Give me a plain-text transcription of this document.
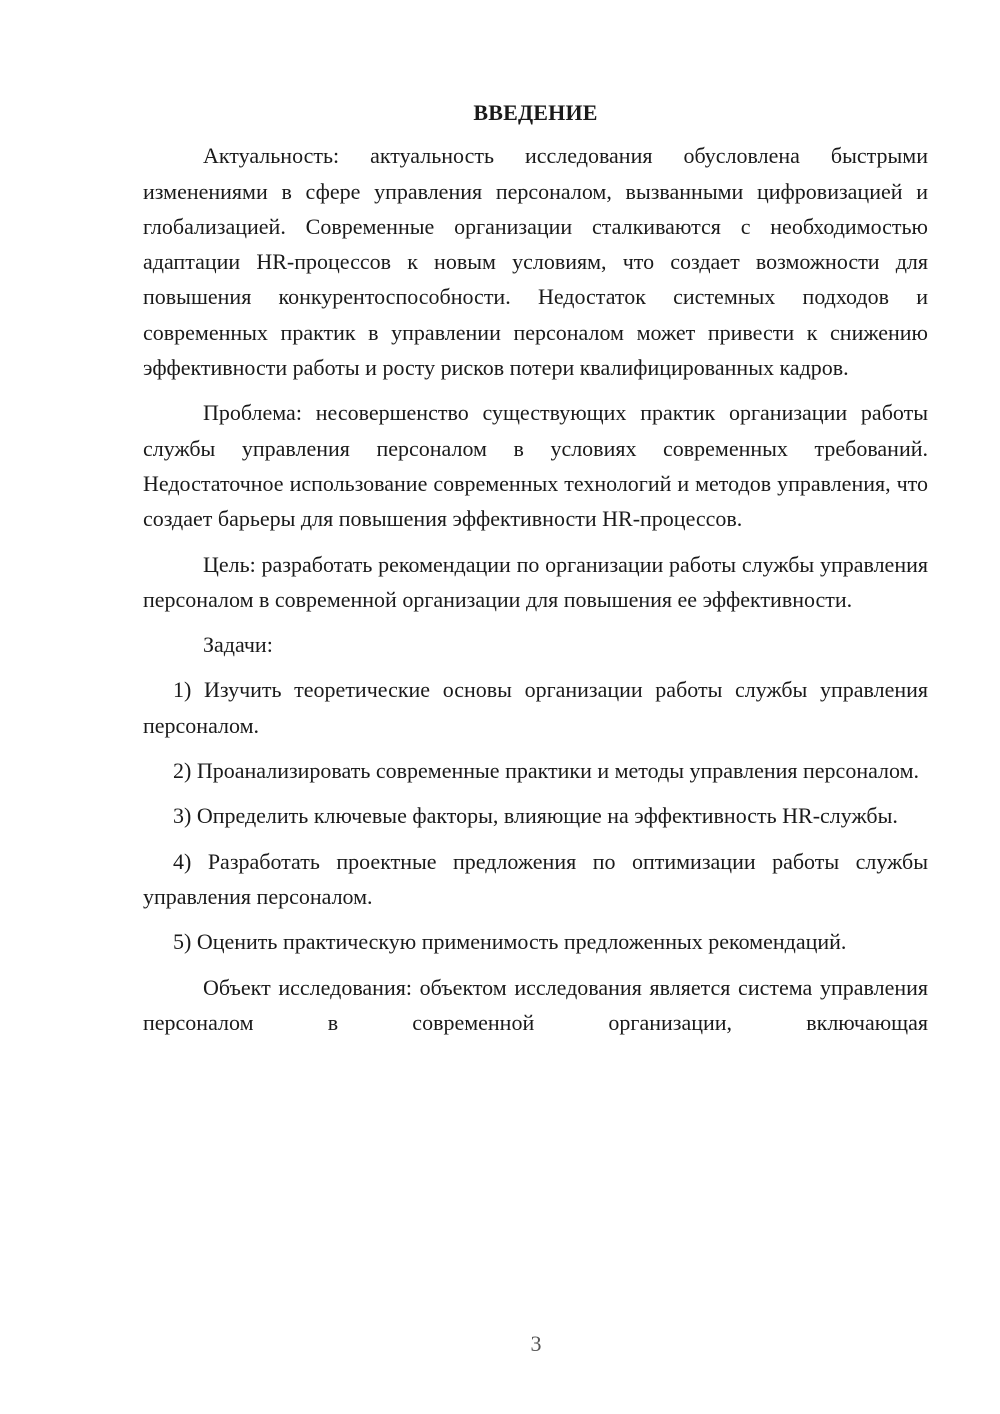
ВВЕДЕНИЕ

Актуальность: актуальность исследования обусловлена быстрыми изменениями в сфере управления персоналом, вызванными цифровизацией и глобализацией. Современные организации сталкиваются с необходимостью адаптации HR-процессов к новым условиям, что создает возможности для повышения конкурентоспособности. Недостаток системных подходов и современных практик в управлении персоналом может привести к снижению эффективности работы и росту рисков потери квалифицированных кадров.

Проблема: несовершенство существующих практик организации работы службы управления персоналом в условиях современных требований. Недостаточное использование современных технологий и методов управления, что создает барьеры для повышения эффективности HR-процессов.

Цель: разработать рекомендации по организации работы службы управления персоналом в современной организации для повышения ее эффективности.

Задачи:

1) Изучить теоретические основы организации работы службы управления персоналом.

2) Проанализировать современные практики и методы управления персоналом.

3) Определить ключевые факторы, влияющие на эффективность HR-службы.

4) Разработать проектные предложения по оптимизации работы службы управления персоналом.

5) Оценить практическую применимость предложенных рекомендаций.

Объект исследования: объектом исследования является система управления персоналом в современной организации, включающая

3
